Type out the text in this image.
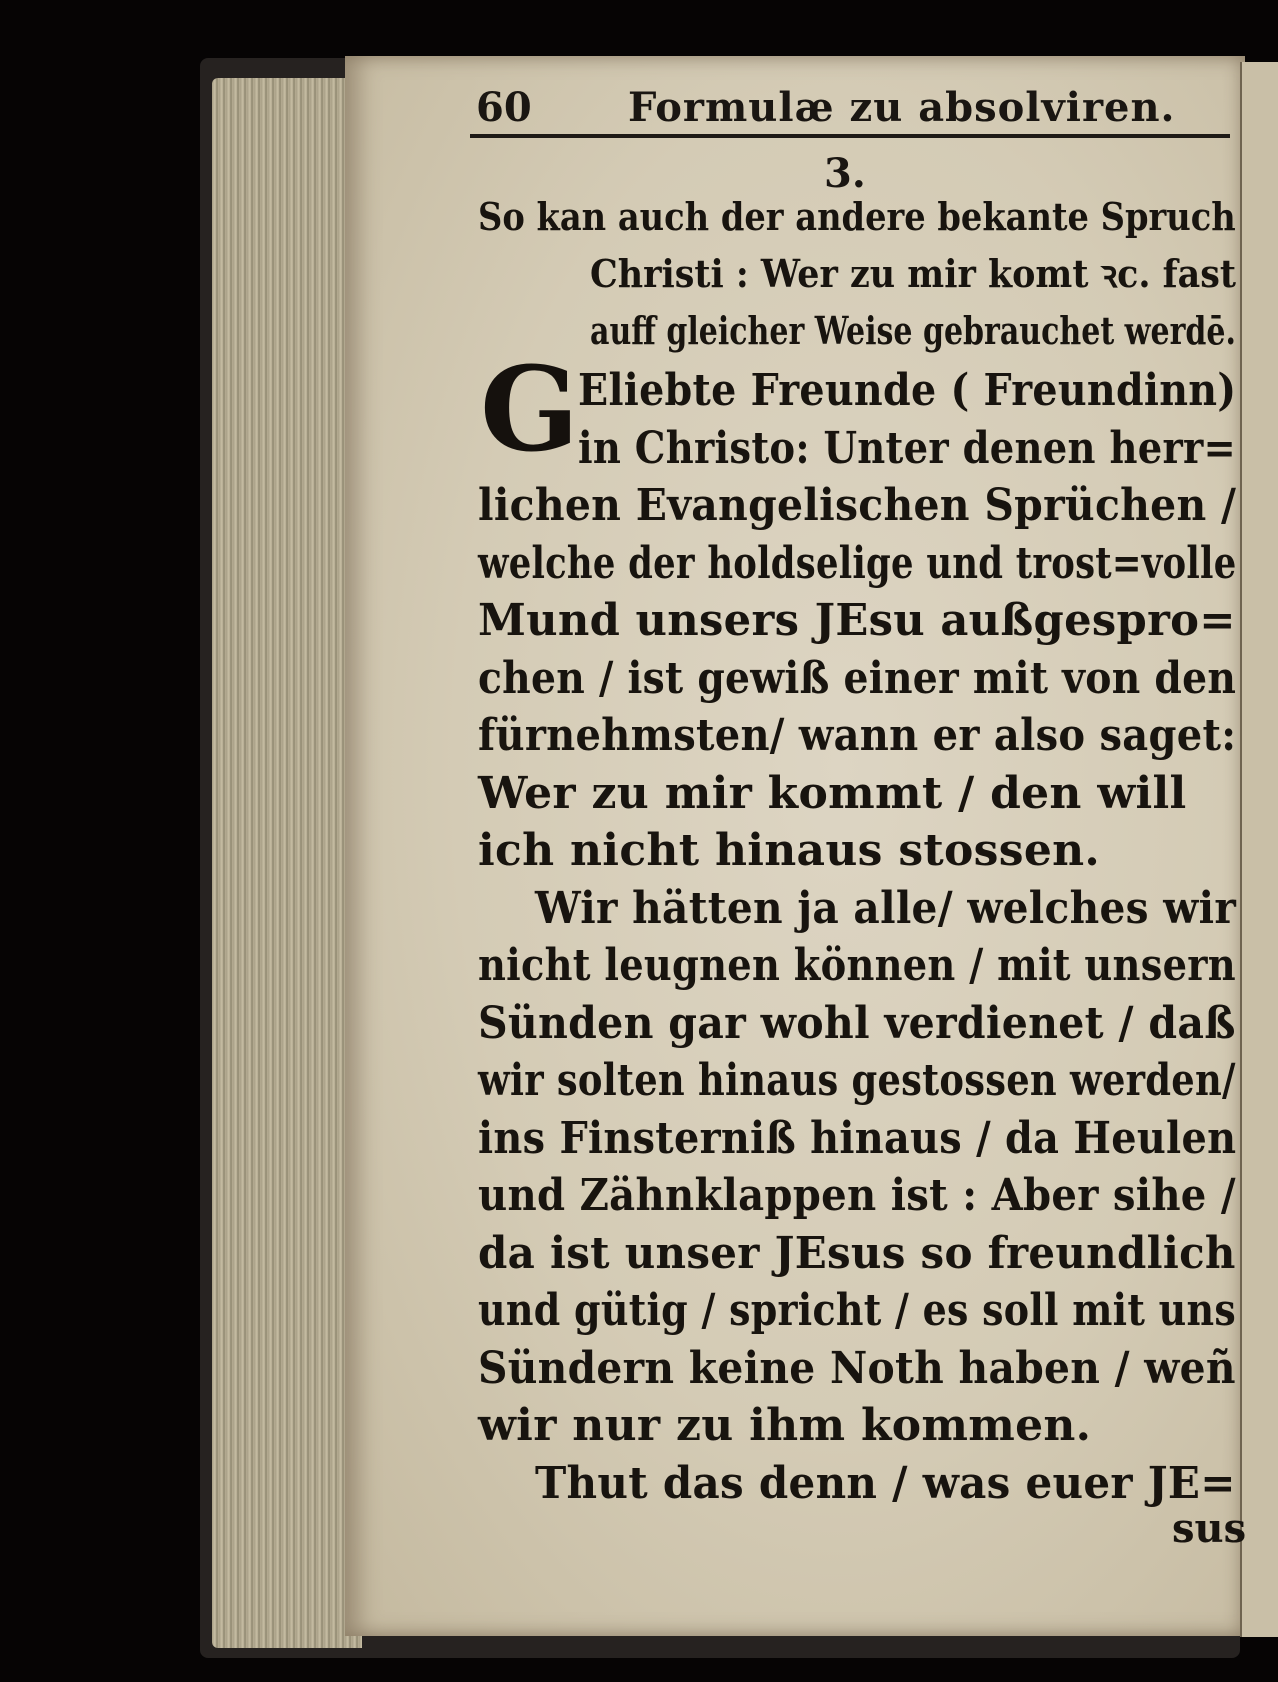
60 Formulæ zu absolviren.
3.
So kan auch der andere bekante Spruch
Christi : Wer zu mir komt ꝛc. fast
auff gleicher Weise gebrauchet werdē.
G
Eliebte Freunde ( Freundinn)
in Christo: Unter denen herr=
lichen Evangelischen Sprüchen /
welche der holdselige und trost=volle
Mund unsers JEsu außgespro=
chen / ist gewiß einer mit von den
fürnehmsten/ wann er also saget:
Wer zu mir kommt / den will
ich nicht hinaus stossen.
Wir hätten ja alle/ welches wir
nicht leugnen können / mit unsern
Sünden gar wohl verdienet / daß
wir solten hinaus gestossen werden/
ins Finsterniß hinaus / da Heulen
und Zähnklappen ist : Aber sihe /
da ist unser JEsus so freundlich
und gütig / spricht / es soll mit uns
Sündern keine Noth haben / weñ
wir nur zu ihm kommen.
Thut das denn / was euer JE=
sus
